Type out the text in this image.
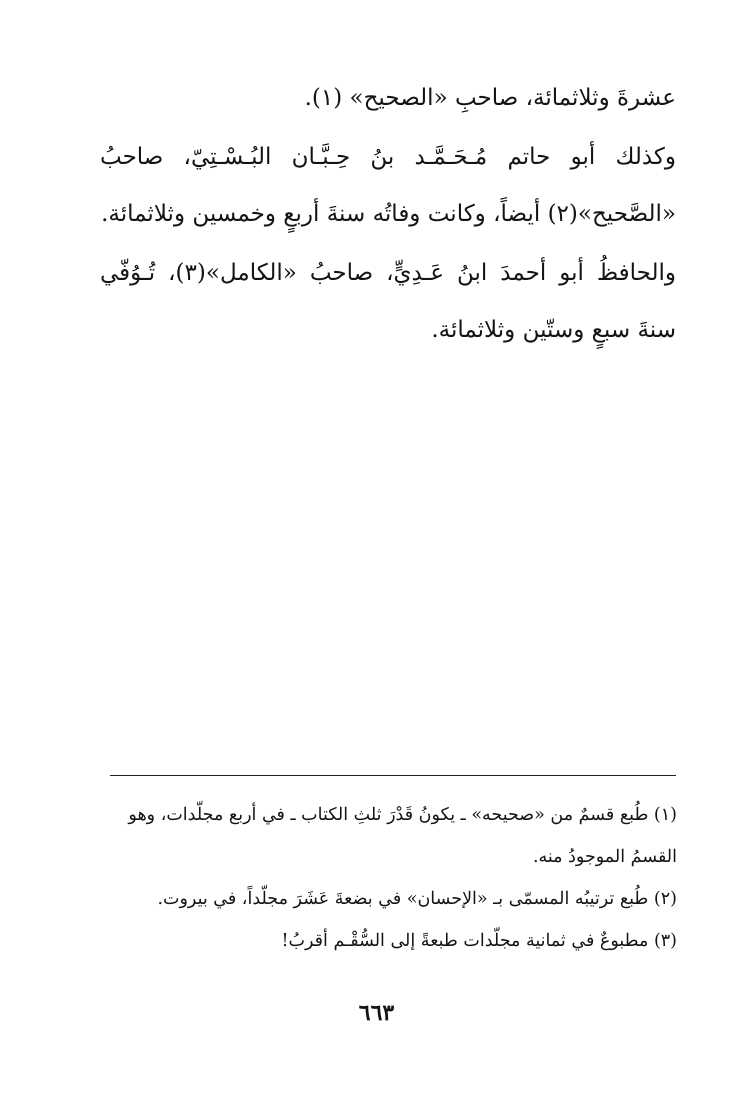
عشرةَ وثلاثمائة، صاحبِ «الصحيح» (١).

وكذلك أبو حاتم مُـحَـمَّـد بنُ حِـبَّـان البُـسْـتِيّ، صاحبُ «الصَّحيح»(٢) أيضاً، وكانت وفاتُه سنةَ أربعٍ وخمسين وثلاثمائة.

والحافظُ أبو أحمدَ ابنُ عَـدِيٍّ، صاحبُ «الكامل»(٣)، تُـوُفّي سنةَ سبعٍ وستّين وثلاثمائة.

(١) طُبع قسمٌ من «صحيحه» ـ يكونُ قَدْرَ ثلثِ الكتاب ـ في أربع مجلّدات، وهو
القسمُ الموجودُ منه.

(٢) طُبع ترتيبُه المسمّى بـ «الإحسان» في بضعةَ عَشَرَ مجلّداً، في بيروت.

(٣) مطبوعٌ في ثمانية مجلّدات طبعةً إلى السُّقْـم أقربُ!

٦٦٣
